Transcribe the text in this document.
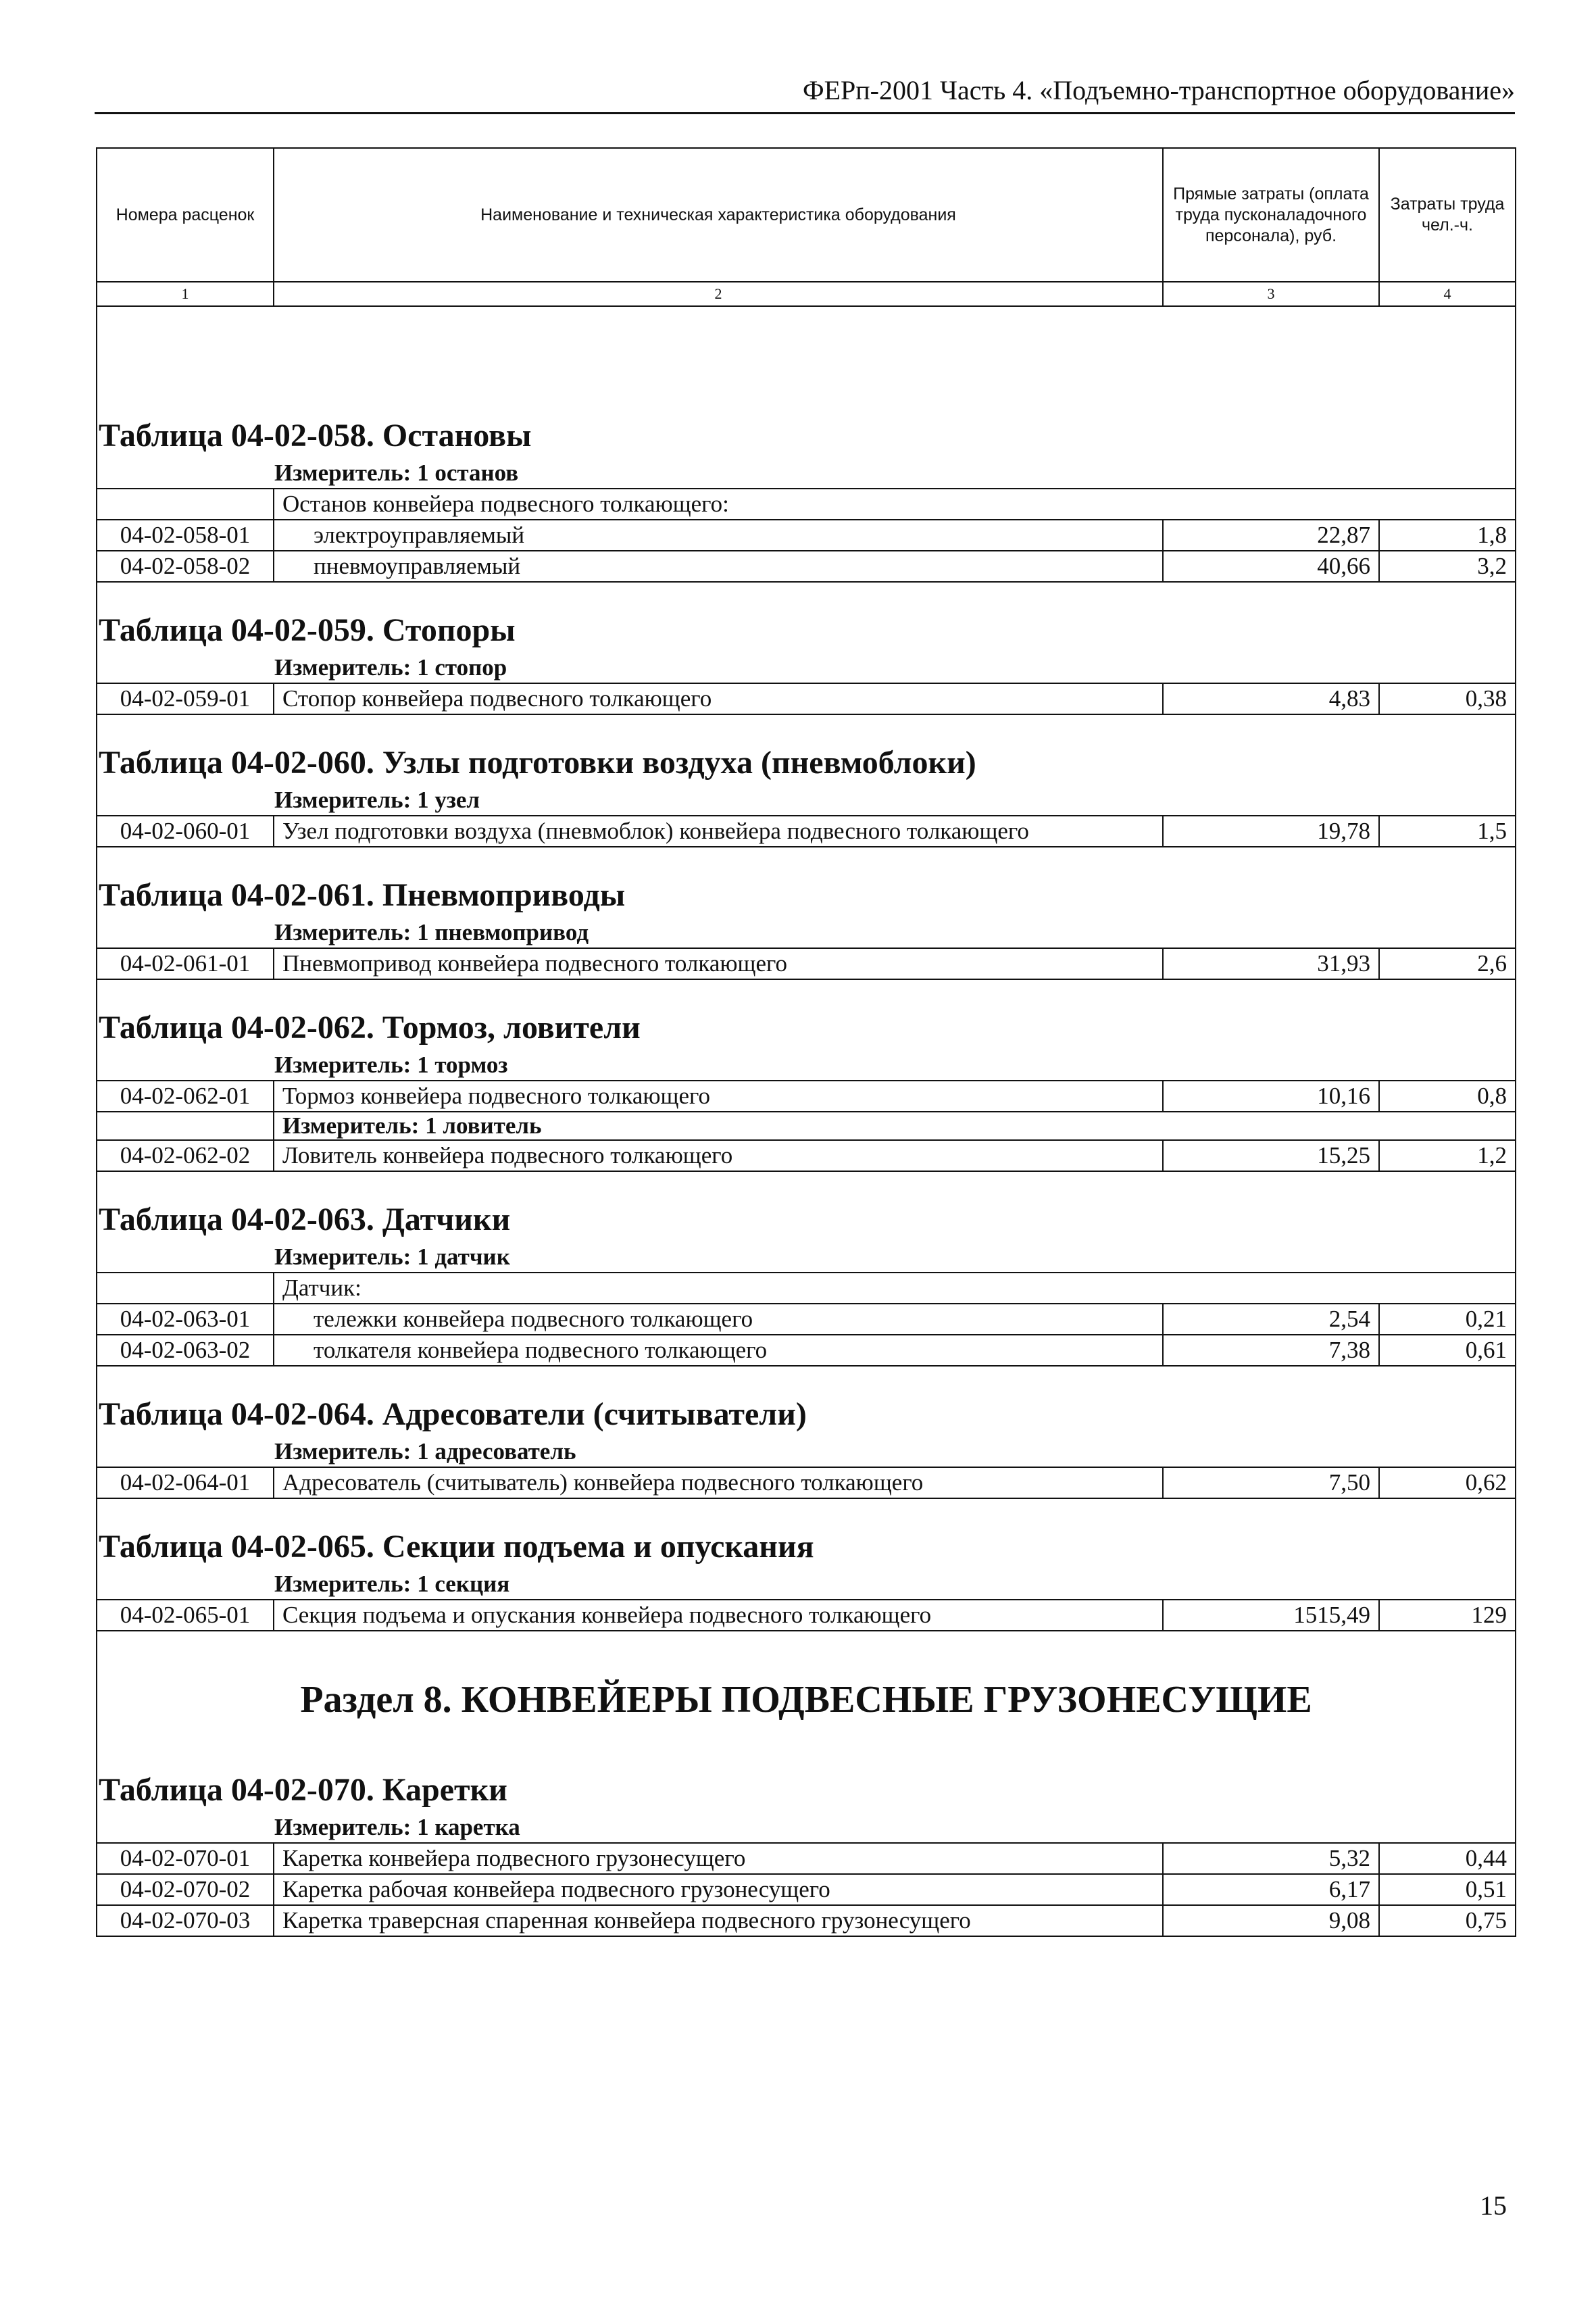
ФЕРп-2001 Часть 4. «Подъемно-транспортное оборудование»
Номера расценок	Наименование и техническая характеристика оборудования	Прямые затраты (оплата труда пусконаладочного персонала), руб.	Затраты труда чел.-ч.
1	2	3	4

Таблица 04-02-058. Остановы			
Измеритель: 1 останов			
	Останов конвейера подвесного толкающего:		
04-02-058-01	электроуправляемый	22,87	1,8
04-02-058-02	пневмоуправляемый	40,66	3,2

Таблица 04-02-059. Стопоры			
Измеритель: 1 стопор			
04-02-059-01	Стопор конвейера подвесного толкающего	4,83	0,38

Таблица 04-02-060. Узлы подготовки воздуха (пневмоблоки)			
Измеритель: 1 узел			
04-02-060-01	Узел подготовки воздуха (пневмоблок) конвейера подвесного толкающего	19,78	1,5

Таблица 04-02-061. Пневмоприводы			
Измеритель: 1 пневмопривод			
04-02-061-01	Пневмопривод конвейера подвесного толкающего	31,93	2,6

Таблица 04-02-062. Тормоз, ловители			
Измеритель: 1 тормоз			
04-02-062-01	Тормоз конвейера подвесного толкающего	10,16	0,8
	Измеритель: 1 ловитель		
04-02-062-02	Ловитель конвейера подвесного толкающего	15,25	1,2

Таблица 04-02-063. Датчики			
Измеритель: 1 датчик			
	Датчик:		
04-02-063-01	тележки конвейера подвесного толкающего	2,54	0,21
04-02-063-02	толкателя конвейера подвесного толкающего	7,38	0,61

Таблица 04-02-064. Адресователи (считыватели)			
Измеритель: 1 адресователь			
04-02-064-01	Адресователь (считыватель) конвейера подвесного толкающего	7,50	0,62

Таблица 04-02-065. Секции подъема и опускания			
Измеритель: 1 секция			
04-02-065-01	Секция подъема и опускания конвейера подвесного толкающего	1515,49	129

Раздел 8. КОНВЕЙЕРЫ ПОДВЕСНЫЕ ГРУЗОНЕСУЩИЕ			

Таблица 04-02-070. Каретки			
Измеритель: 1 каретка			
04-02-070-01	Каретка конвейера подвесного грузонесущего	5,32	0,44
04-02-070-02	Каретка рабочая конвейера подвесного грузонесущего	6,17	0,51
04-02-070-03	Каретка траверсная спаренная конвейера подвесного грузонесущего	9,08	0,75
15
